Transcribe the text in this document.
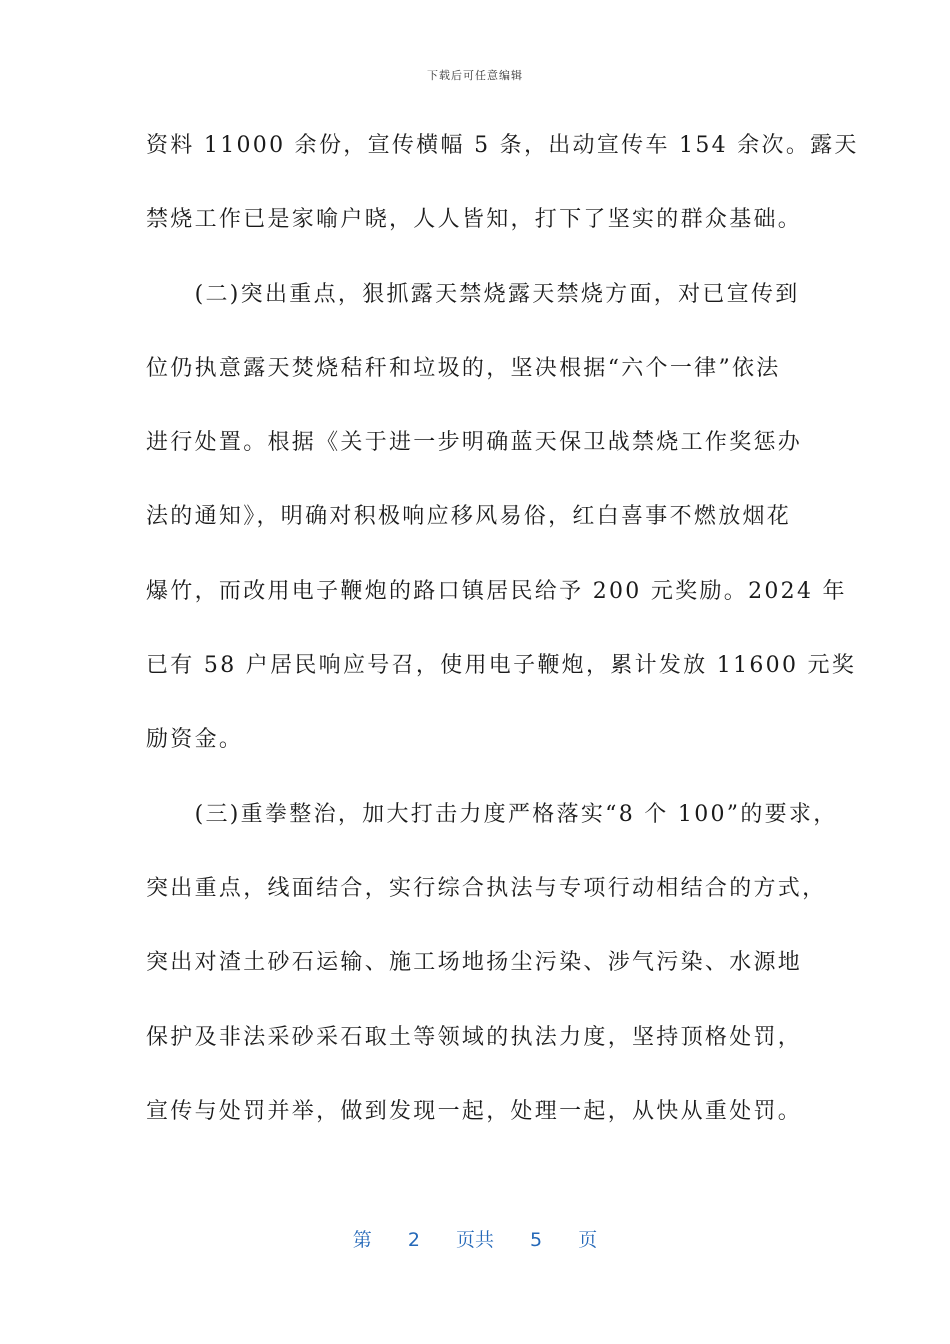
下载后可任意编辑
资料 11000 余份，宣传横幅 5 条，出动宣传车 154 余次。露天
禁烧工作已是家喻户晓，人人皆知，打下了坚实的群众基础。
　　(二)突出重点，狠抓露天禁烧露天禁烧方面，对已宣传到
位仍执意露天焚烧秸秆和垃圾的，坚决根据“六个一律”依法
进行处置。根据《关于进一步明确蓝天保卫战禁烧工作奖惩办
法的通知》，明确对积极响应移风易俗，红白喜事不燃放烟花
爆竹，而改用电子鞭炮的路口镇居民给予 200 元奖励。2024 年
已有 58 户居民响应号召，使用电子鞭炮，累计发放 11600 元奖
励资金。
　　(三)重拳整治，加大打击力度严格落实“8 个 100”的要求，
突出重点，线面结合，实行综合执法与专项行动相结合的方式，
突出对渣土砂石运输、施工场地扬尘污染、涉气污染、水源地
保护及非法采砂采石取土等领域的执法力度，坚持顶格处罚，
宣传与处罚并举，做到发现一起，处理一起，从快从重处罚。
第 2 页共 5 页
